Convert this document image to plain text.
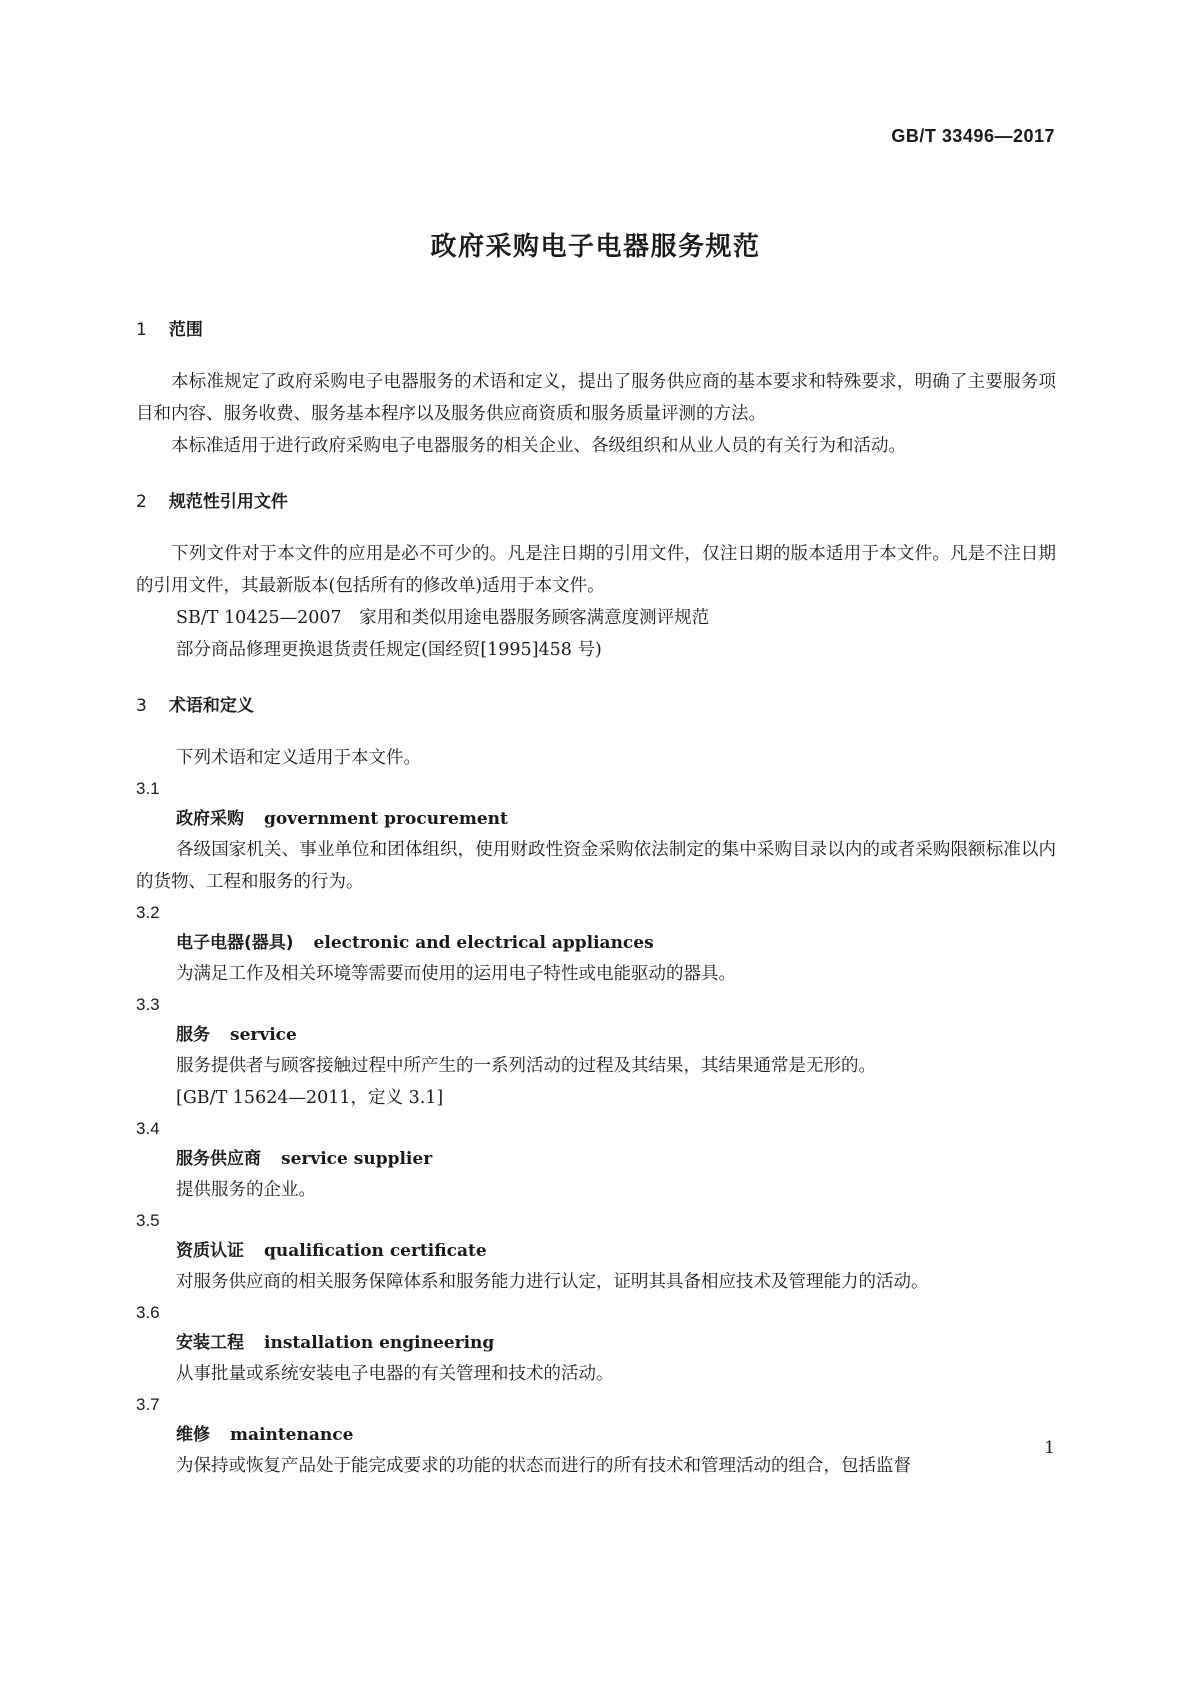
GB/T 33496—2017
政府采购电子电器服务规范
1 范围

本标准规定了政府采购电子电器服务的术语和定义，提出了服务供应商的基本要求和特殊要求，明确了主要服务项目和内容、服务收费、服务基本程序以及服务供应商资质和服务质量评测的方法。

本标准适用于进行政府采购电子电器服务的相关企业、各级组织和从业人员的有关行为和活动。

2 规范性引用文件

下列文件对于本文件的应用是必不可少的。凡是注日期的引用文件，仅注日期的版本适用于本文件。凡是不注日期的引用文件，其最新版本(包括所有的修改单)适用于本文件。

SB/T 10425—2007　家用和类似用途电器服务顾客满意度测评规范

部分商品修理更换退货责任规定(国经贸[1995]458 号)

3 术语和定义

下列术语和定义适用于本文件。

3.1

政府采购 government procurement

各级国家机关、事业单位和团体组织，使用财政性资金采购依法制定的集中采购目录以内的或者采购限额标准以内的货物、工程和服务的行为。

3.2

电子电器(器具) electronic and electrical appliances

为满足工作及相关环境等需要而使用的运用电子特性或电能驱动的器具。

3.3

服务 service

服务提供者与顾客接触过程中所产生的一系列活动的过程及其结果，其结果通常是无形的。

[GB/T 15624—2011，定义 3.1]

3.4

服务供应商 service supplier

提供服务的企业。

3.5

资质认证 qualification certificate

对服务供应商的相关服务保障体系和服务能力进行认定，证明其具备相应技术及管理能力的活动。

3.6

安装工程 installation engineering

从事批量或系统安装电子电器的有关管理和技术的活动。

3.7

维修 maintenance

为保持或恢复产品处于能完成要求的功能的状态而进行的所有技术和管理活动的组合，包括监督

1
